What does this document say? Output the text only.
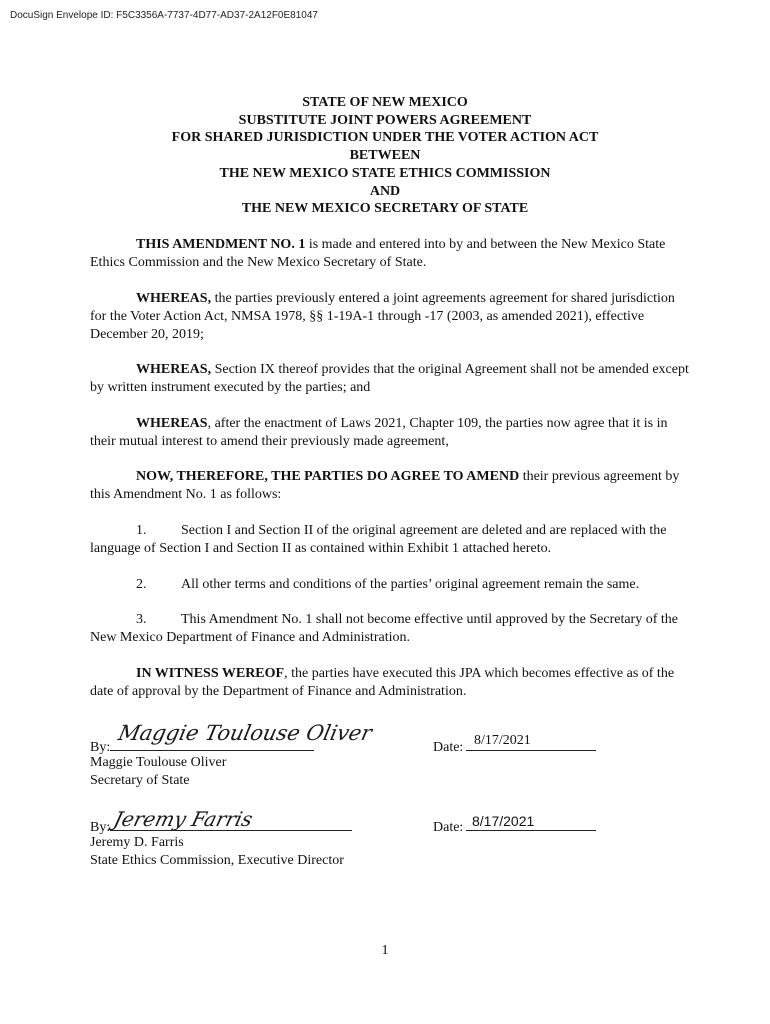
DocuSign Envelope ID: F5C3356A-7737-4D77-AD37-2A12F0E81047
STATE OF NEW MEXICO
SUBSTITUTE JOINT POWERS AGREEMENT
FOR SHARED JURISDICTION UNDER THE VOTER ACTION ACT
BETWEEN
THE NEW MEXICO STATE ETHICS COMMISSION
AND
THE NEW MEXICO SECRETARY OF STATE
THIS AMENDMENT NO. 1 is made and entered into by and between the New Mexico State Ethics Commission and the New Mexico Secretary of State.
WHEREAS, the parties previously entered a joint agreements agreement for shared jurisdiction for the Voter Action Act, NMSA 1978, §§ 1-19A-1 through -17 (2003, as amended 2021), effective December 20, 2019;
WHEREAS, Section IX thereof provides that the original Agreement shall not be amended except by written instrument executed by the parties; and
WHEREAS, after the enactment of Laws 2021, Chapter 109, the parties now agree that it is in their mutual interest to amend their previously made agreement,
NOW, THEREFORE, THE PARTIES DO AGREE TO AMEND their previous agreement by this Amendment No. 1 as follows:
1. Section I and Section II of the original agreement are deleted and are replaced with the language of Section I and Section II as contained within Exhibit 1 attached hereto.
2. All other terms and conditions of the parties’ original agreement remain the same.
3. This Amendment No. 1 shall not become effective until approved by the Secretary of the New Mexico Department of Finance and Administration.
IN WITNESS WEREOF, the parties have executed this JPA which becomes effective as of the date of approval by the Department of Finance and Administration.
Maggie Toulouse Oliver
By:
Maggie Toulouse Oliver
Secretary of State
Date: 8/17/2021
Jeremy Farris
By:
Jeremy D. Farris
State Ethics Commission, Executive Director
Date: 8/17/2021
1
